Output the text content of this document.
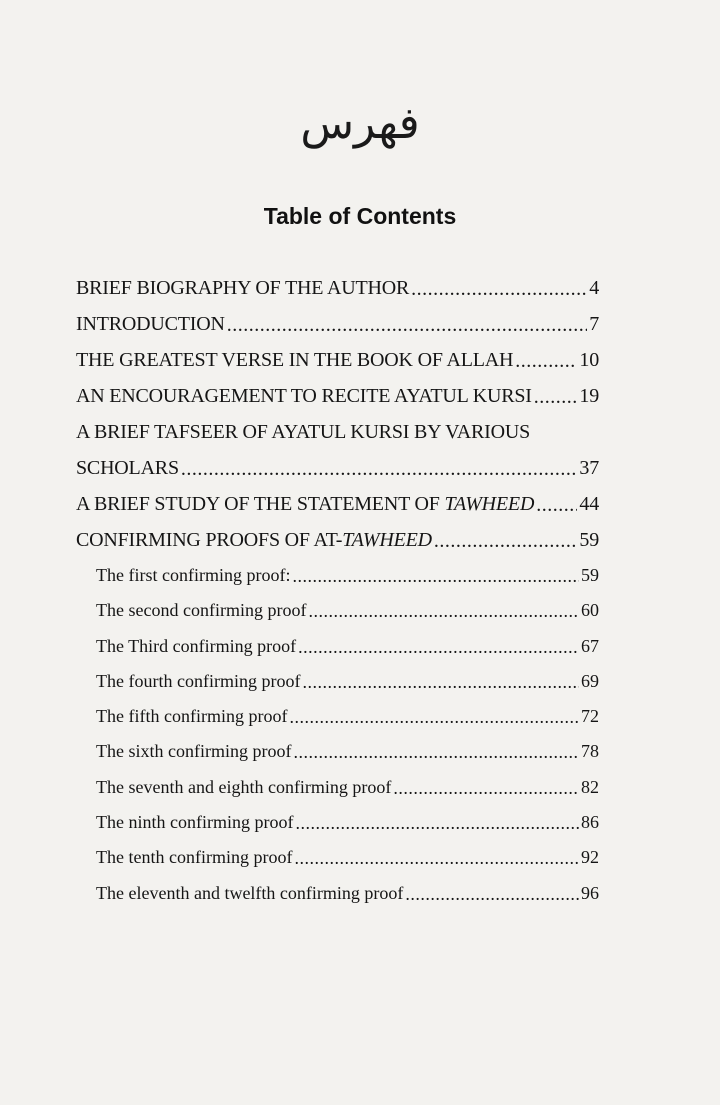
فهرس
Table of Contents
BRIEF BIOGRAPHY OF THE AUTHOR .....	4
INTRODUCTION .....	7
THE GREATEST VERSE IN THE BOOK OF ALLAH .....	10
AN ENCOURAGEMENT TO RECITE AYATUL KURSI ..... 19
A BRIEF TAFSEER OF AYATUL KURSI BY VARIOUS
SCHOLARS .....	37
A BRIEF STUDY OF THE STATEMENT OF TAWHEED ..... 44
CONFIRMING PROOFS OF AT-TAWHEED .....	59
The first confirming proof: .....	59
The second confirming proof .....	60
The Third confirming proof .....	67
The fourth confirming proof .....	69
The fifth confirming proof .....	72
The sixth confirming proof .....	78
The seventh and eighth confirming proof .....	82
The ninth confirming proof .....	86
The tenth confirming proof .....	92
The eleventh and twelfth confirming proof .....	96
